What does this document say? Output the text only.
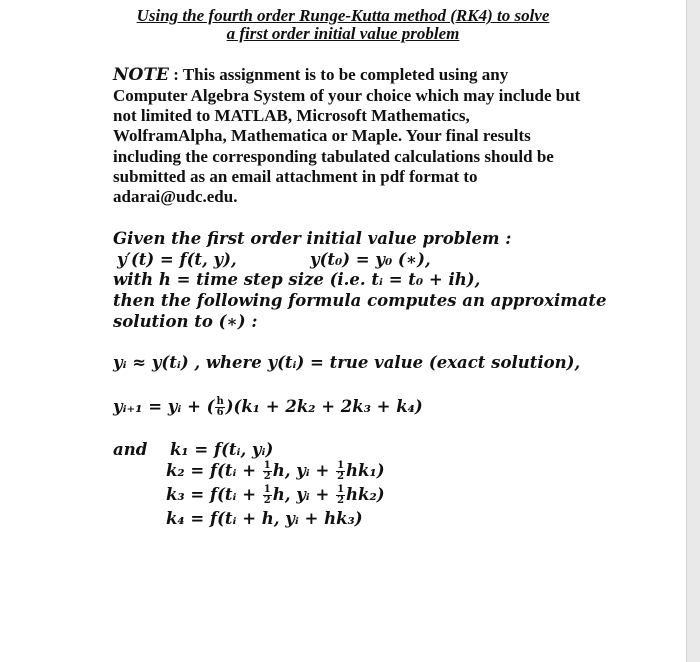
Using the fourth order Runge-Kutta method (RK4) to solve
a first order initial value problem
NOTE : This assignment is to be completed using any
Computer Algebra System of your choice which may include but
not limited to MATLAB, Microsoft Mathematics,
WolframAlpha, Mathematica or Maple. Your final results
including the corresponding tabulated calculations should be
submitted as an email attachment in pdf format to
adarai@udc.edu.
Given the first order initial value problem :
y′(t) = f(t, y),	y(t₀) = y₀ (∗),
with h = time step size (i.e. tᵢ = t₀ + ih),
then the following formula computes an approximate
solution to (∗) :
yᵢ ≈ y(tᵢ) , where y(tᵢ) = true value (exact solution),
yᵢ₊₁ = yᵢ + ( $\frac{h}{6} )(k_1 + 2k_2 + 2k_3 + k_4)$
and k₁ = f(tᵢ, yᵢ)
k₂ = f(tᵢ + $\frac{1}{2} h$, yᵢ + $\frac{1}{2} hk_1$)
k₃ = f(tᵢ + $\frac{1}{2} h$, yᵢ + $\frac{1}{2} hk_2$)
k₄ = f(tᵢ + h, yᵢ + hk₃)
